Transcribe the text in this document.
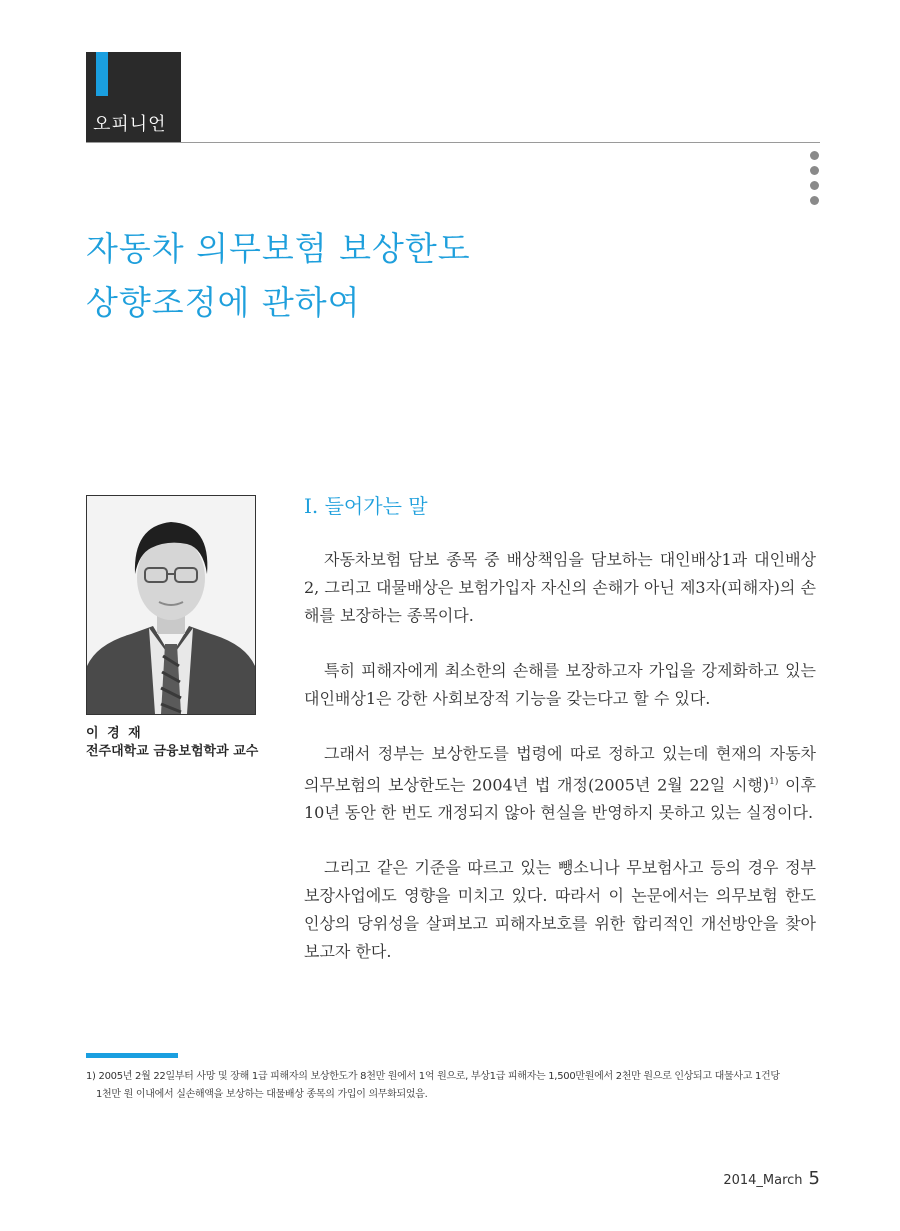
오피니언
자동차 의무보험 보상한도
상향조정에 관하여
이 경 재
전주대학교 금융보험학과 교수
Ⅰ. 들어가는 말

자동차보험 담보 종목 중 배상책임을 담보하는 대인배상1과 대인배상2, 그리고 대물배상은 보험가입자 자신의 손해가 아닌 제3자(피해자)의 손해를 보장하는 종목이다.

특히 피해자에게 최소한의 손해를 보장하고자 가입을 강제화하고 있는 대인배상1은 강한 사회보장적 기능을 갖는다고 할 수 있다.

그래서 정부는 보상한도를 법령에 따로 정하고 있는데 현재의 자동차 의무보험의 보상한도는 2004년 법 개정(2005년 2월 22일 시행)$^{1)}$ 이후 10년 동안 한 번도 개정되지 않아 현실을 반영하지 못하고 있는 실정이다.

그리고 같은 기준을 따르고 있는 뺑소니나 무보험사고 등의 경우 정부보장사업에도 영향을 미치고 있다. 따라서 이 논문에서는 의무보험 한도 인상의 당위성을 살펴보고 피해자보호를 위한 합리적인 개선방안을 찾아보고자 한다.

1) 2005년 2월 22일부터 사망 및 장해 1급 피해자의 보상한도가 8천만 원에서 1억 원으로, 부상1급 피해자는 1,500만원에서 2천만 원으로 인상되고 대물사고 1건당
1천만 원 이내에서 실손해액을 보상하는 대물배상 종목의 가입이 의무화되었음.
2014_March 5
